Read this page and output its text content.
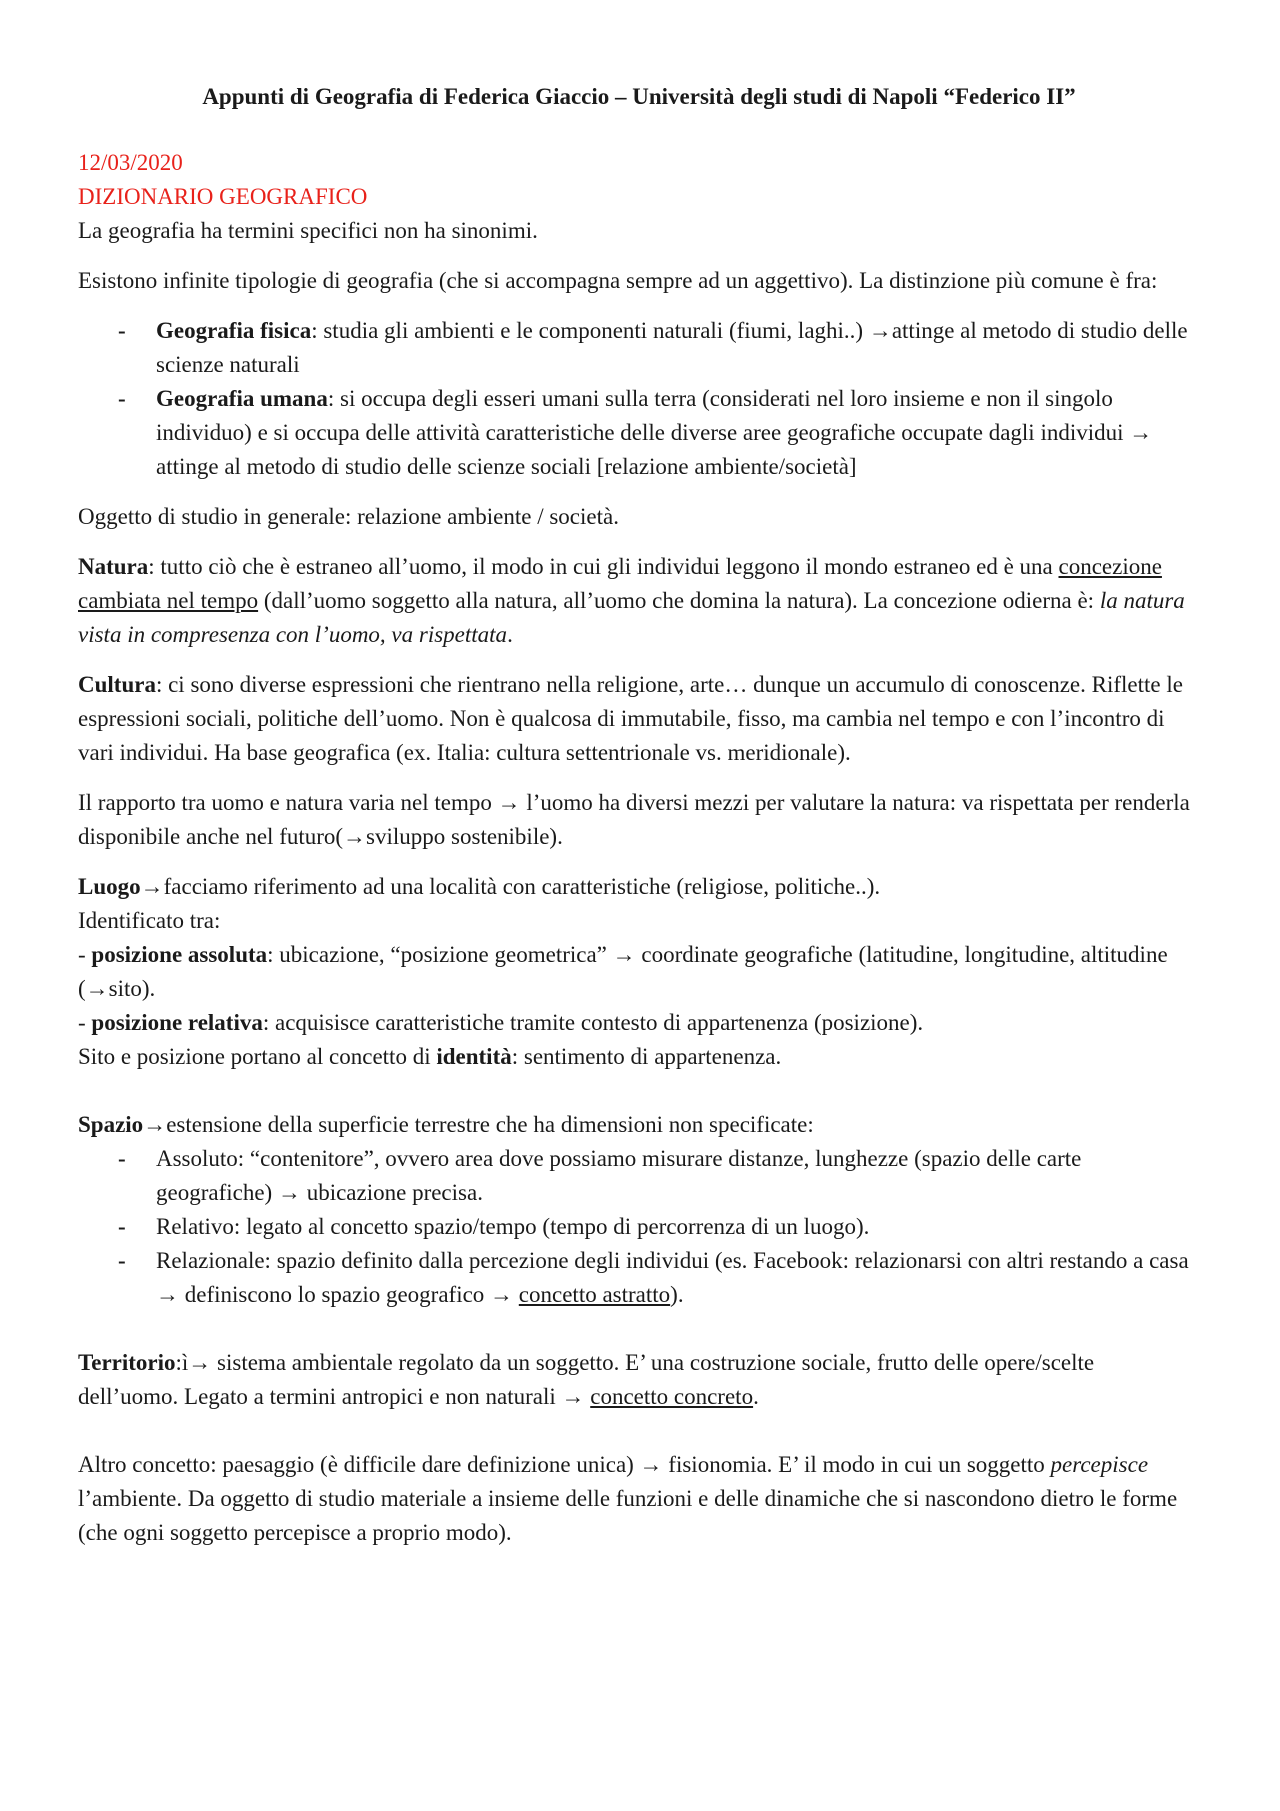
Appunti di Geografia di Federica Giaccio – Università degli studi di Napoli “Federico II”

12/03/2020

DIZIONARIO GEOGRAFICO

La geografia ha termini specifici non ha sinonimi.

Esistono infinite tipologie di geografia (che si accompagna sempre ad un aggettivo). La distinzione più comune è fra:

- Geografia fisica: studia gli ambienti e le componenti naturali (fiumi, laghi..) →attinge al metodo di studio delle scienze naturali
- Geografia umana: si occupa degli esseri umani sulla terra (considerati nel loro insieme e non il singolo individuo) e si occupa delle attività caratteristiche delle diverse aree geografiche occupate dagli individui → attinge al metodo di studio delle scienze sociali [relazione ambiente/società]

Oggetto di studio in generale: relazione ambiente / società.

Natura: tutto ciò che è estraneo all’uomo, il modo in cui gli individui leggono il mondo estraneo ed è una concezione cambiata nel tempo (dall’uomo soggetto alla natura, all’uomo che domina la natura). La concezione odierna è: la natura vista in compresenza con l’uomo, va rispettata.

Cultura: ci sono diverse espressioni che rientrano nella religione, arte… dunque un accumulo di conoscenze. Riflette le espressioni sociali, politiche dell’uomo. Non è qualcosa di immutabile, fisso, ma cambia nel tempo e con l’incontro di vari individui. Ha base geografica (ex. Italia: cultura settentrionale vs. meridionale).

Il rapporto tra uomo e natura varia nel tempo → l’uomo ha diversi mezzi per valutare la natura: va rispettata per renderla disponibile anche nel futuro(→sviluppo sostenibile).

Luogo→facciamo riferimento ad una località con caratteristiche (religiose, politiche..).

Identificato tra:

- posizione assoluta: ubicazione, “posizione geometrica” → coordinate geografiche (latitudine, longitudine, altitudine (→sito).

- posizione relativa: acquisisce caratteristiche tramite contesto di appartenenza (posizione).

Sito e posizione portano al concetto di identità: sentimento di appartenenza.

Spazio→estensione della superficie terrestre che ha dimensioni non specificate:

- Assoluto: “contenitore”, ovvero area dove possiamo misurare distanze, lunghezze (spazio delle carte geografiche) → ubicazione precisa.
- Relativo: legato al concetto spazio/tempo (tempo di percorrenza di un luogo).
- Relazionale: spazio definito dalla percezione degli individui (es. Facebook: relazionarsi con altri restando a casa → definiscono lo spazio geografico → concetto astratto).

Territorio:ì→ sistema ambientale regolato da un soggetto. E’ una costruzione sociale, frutto delle opere/scelte dell’uomo. Legato a termini antropici e non naturali → concetto concreto.

Altro concetto: paesaggio (è difficile dare definizione unica) → fisionomia. E’ il modo in cui un soggetto percepisce l’ambiente. Da oggetto di studio materiale a insieme delle funzioni e delle dinamiche che si nascondono dietro le forme (che ogni soggetto percepisce a proprio modo).
